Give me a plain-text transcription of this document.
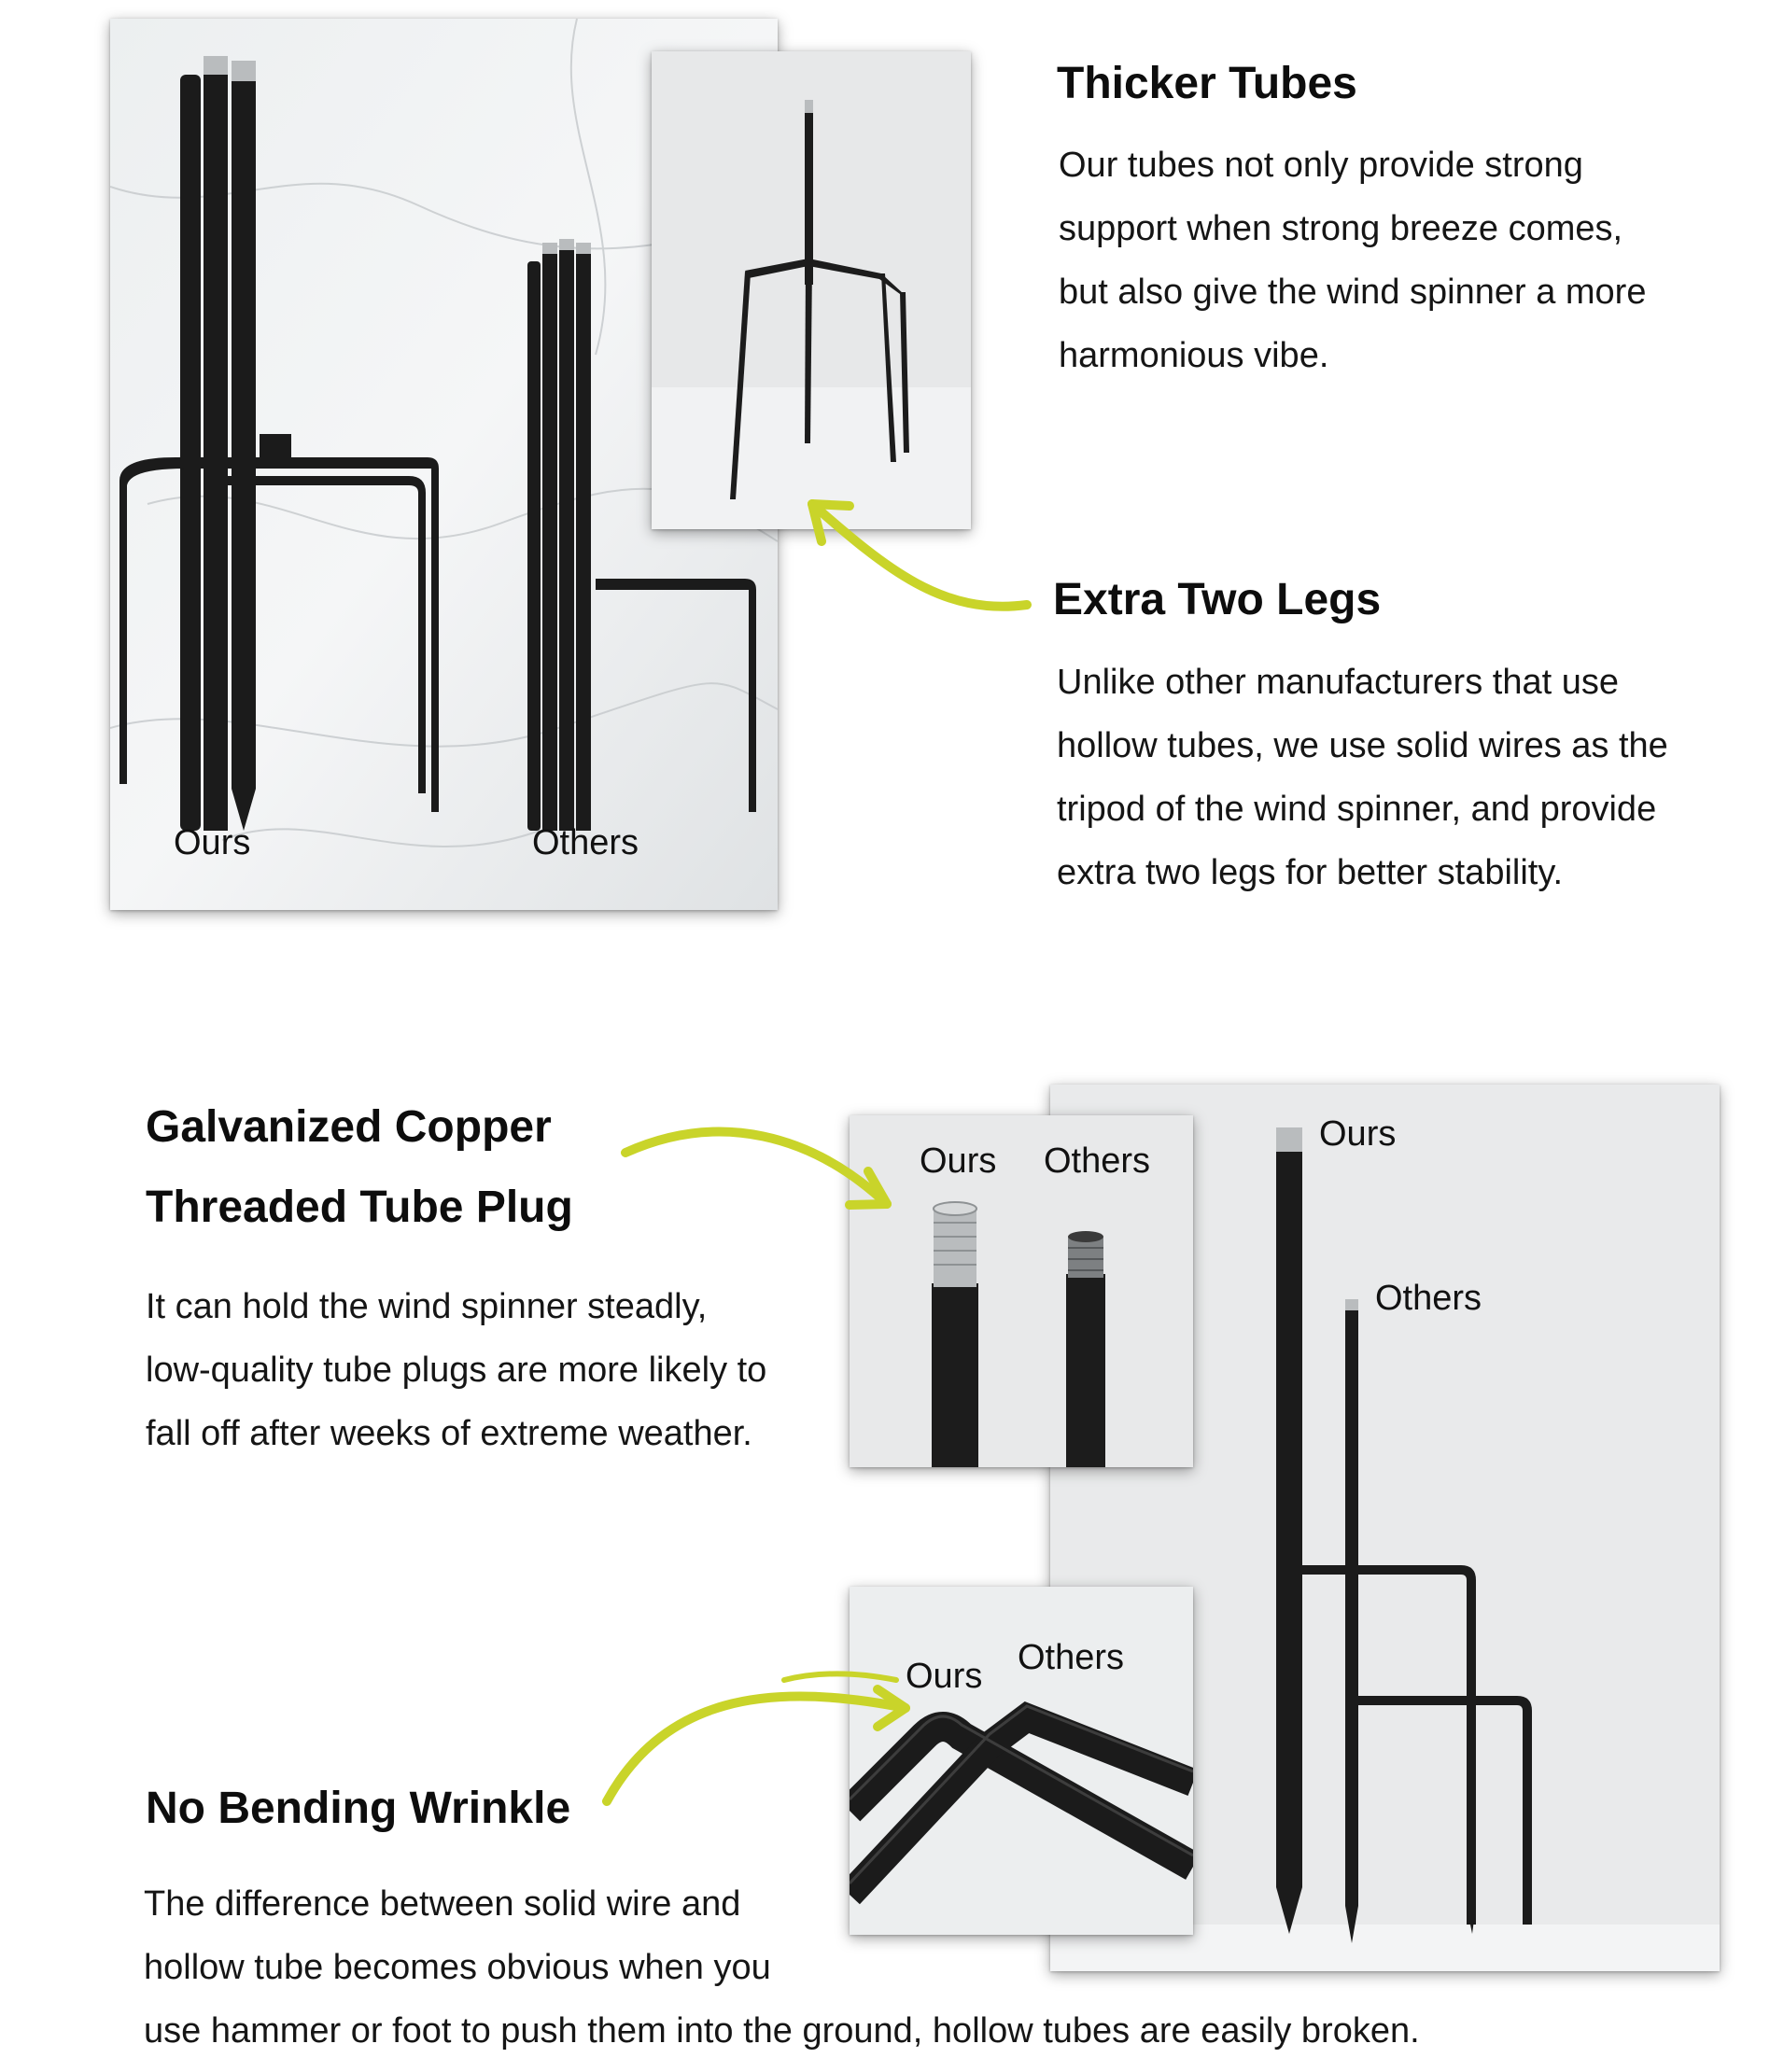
Ours	Others
Thicker Tubes
Our tubes not only provide strong
support when strong breeze comes,
but also give the wind spinner a more
harmonious vibe.
Extra Two Legs
Unlike other manufacturers that use
hollow tubes, we use solid wires as the
tripod of the wind spinner, and provide
extra two legs for better stability.
Ours
Others
Ours Others
Ours Others
Galvanized Copper
Threaded Tube Plug
It can hold the wind spinner steadly,
low-quality tube plugs are more likely to
fall off after weeks of extreme weather.
No Bending Wrinkle
The difference between solid wire and
hollow tube becomes obvious when you
use hammer or foot to push them into the ground, hollow tubes are easily broken.
